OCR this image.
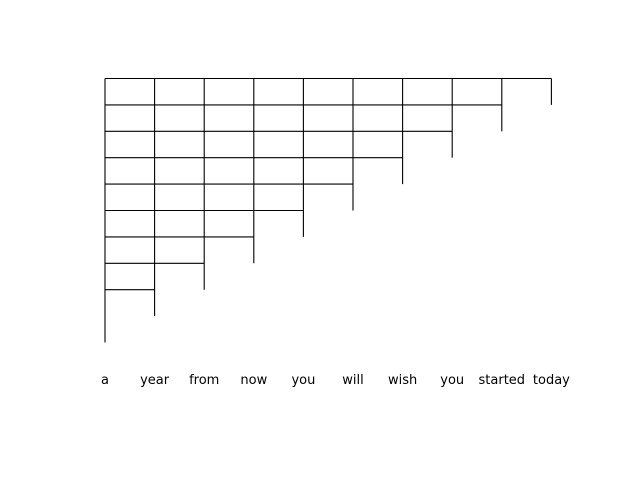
a year from now you will wish you started today
